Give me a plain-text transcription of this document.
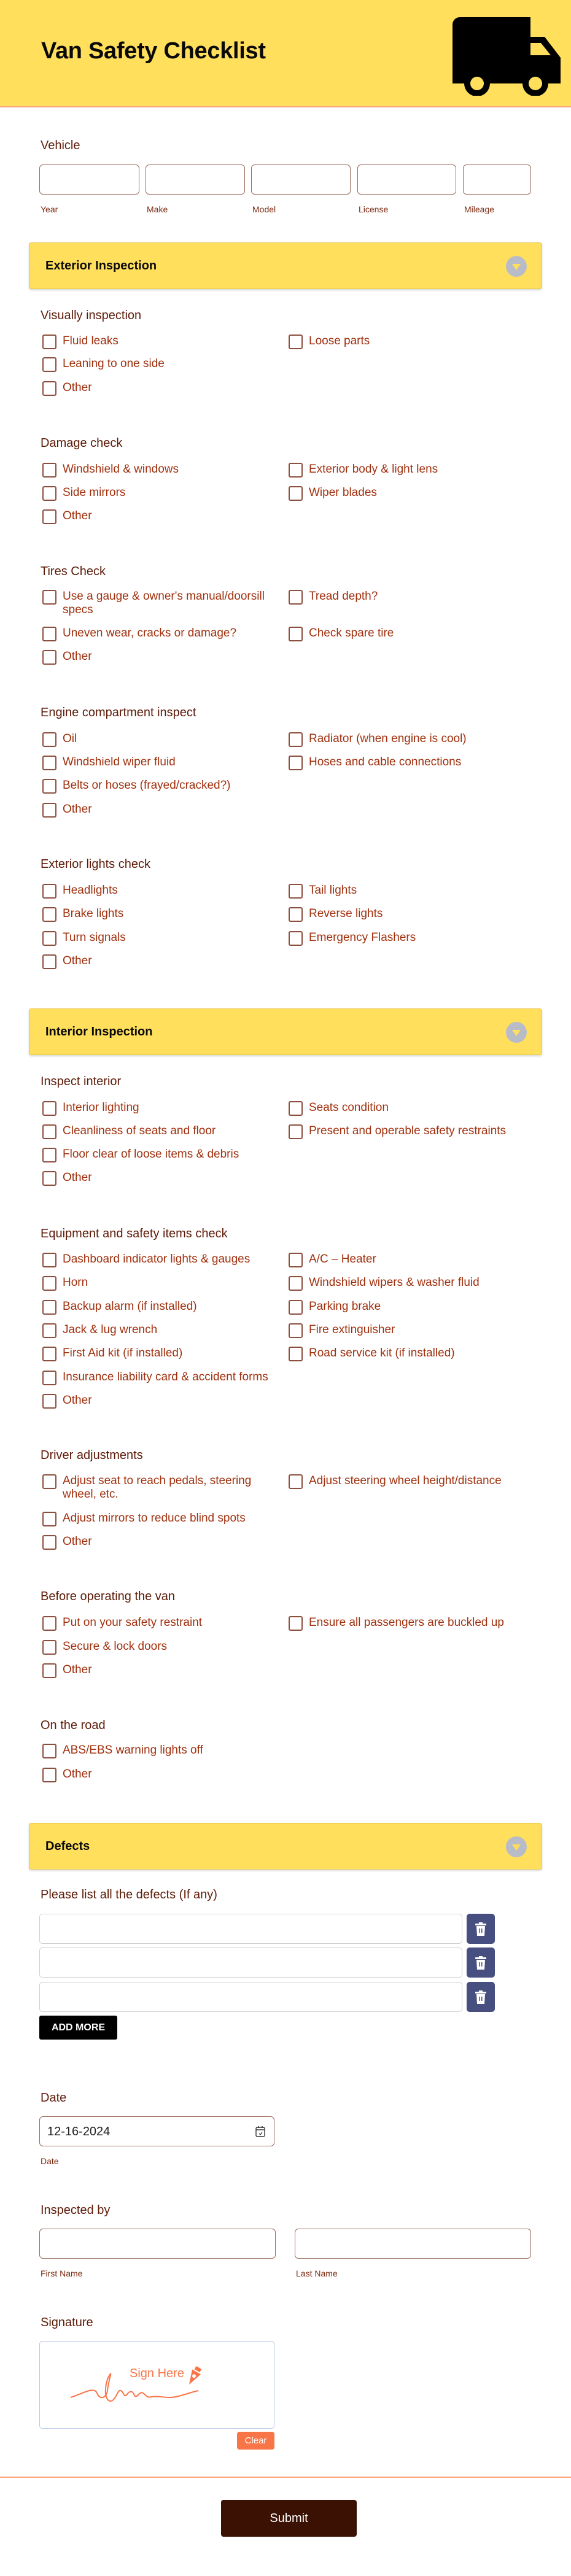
Van Safety Checklist
Vehicle
Year	Make	Model	License	Mileage
Exterior Inspection
Visually inspection
Fluid leaks
Leaning to one side
Other
Loose parts
Damage check
Windshield & windows
Side mirrors
Other
Exterior body & light lens
Wiper blades
Tires Check
Use a gauge & owner's manual/doorsill specs
Uneven wear, cracks or damage?
Other
Tread depth?
Check spare tire
Engine compartment inspect
Oil
Windshield wiper fluid
Belts or hoses (frayed/cracked?)
Other
Radiator (when engine is cool)
Hoses and cable connections
Exterior lights check
Headlights
Brake lights
Turn signals
Other
Tail lights
Reverse lights
Emergency Flashers
Inspect interior
Interior lighting
Cleanliness of seats and floor
Floor clear of loose items & debris
Other
Seats condition
Present and operable safety restraints
Equipment and safety items check
Dashboard indicator lights & gauges
Horn
Backup alarm (if installed)
Jack & lug wrench
First Aid kit (if installed)
Insurance liability card & accident forms
Other
A/C – Heater
Windshield wipers & washer fluid
Parking brake
Fire extinguisher
Road service kit (if installed)
Driver adjustments
Adjust seat to reach pedals, steering wheel, etc.
Adjust mirrors to reduce blind spots
Other
Adjust steering wheel height/distance
Before operating the van
Put on your safety restraint
Secure & lock doors
Other
Ensure all passengers are buckled up
On the road
ABS/EBS warning lights off
Other
Defects
Interior Inspection
Please list all the defects (If any)
ADD MORE
Date
12-16-2024
Date
Inspected by
First Name	Last Name
Signature
Sign Here
Clear
Submit
